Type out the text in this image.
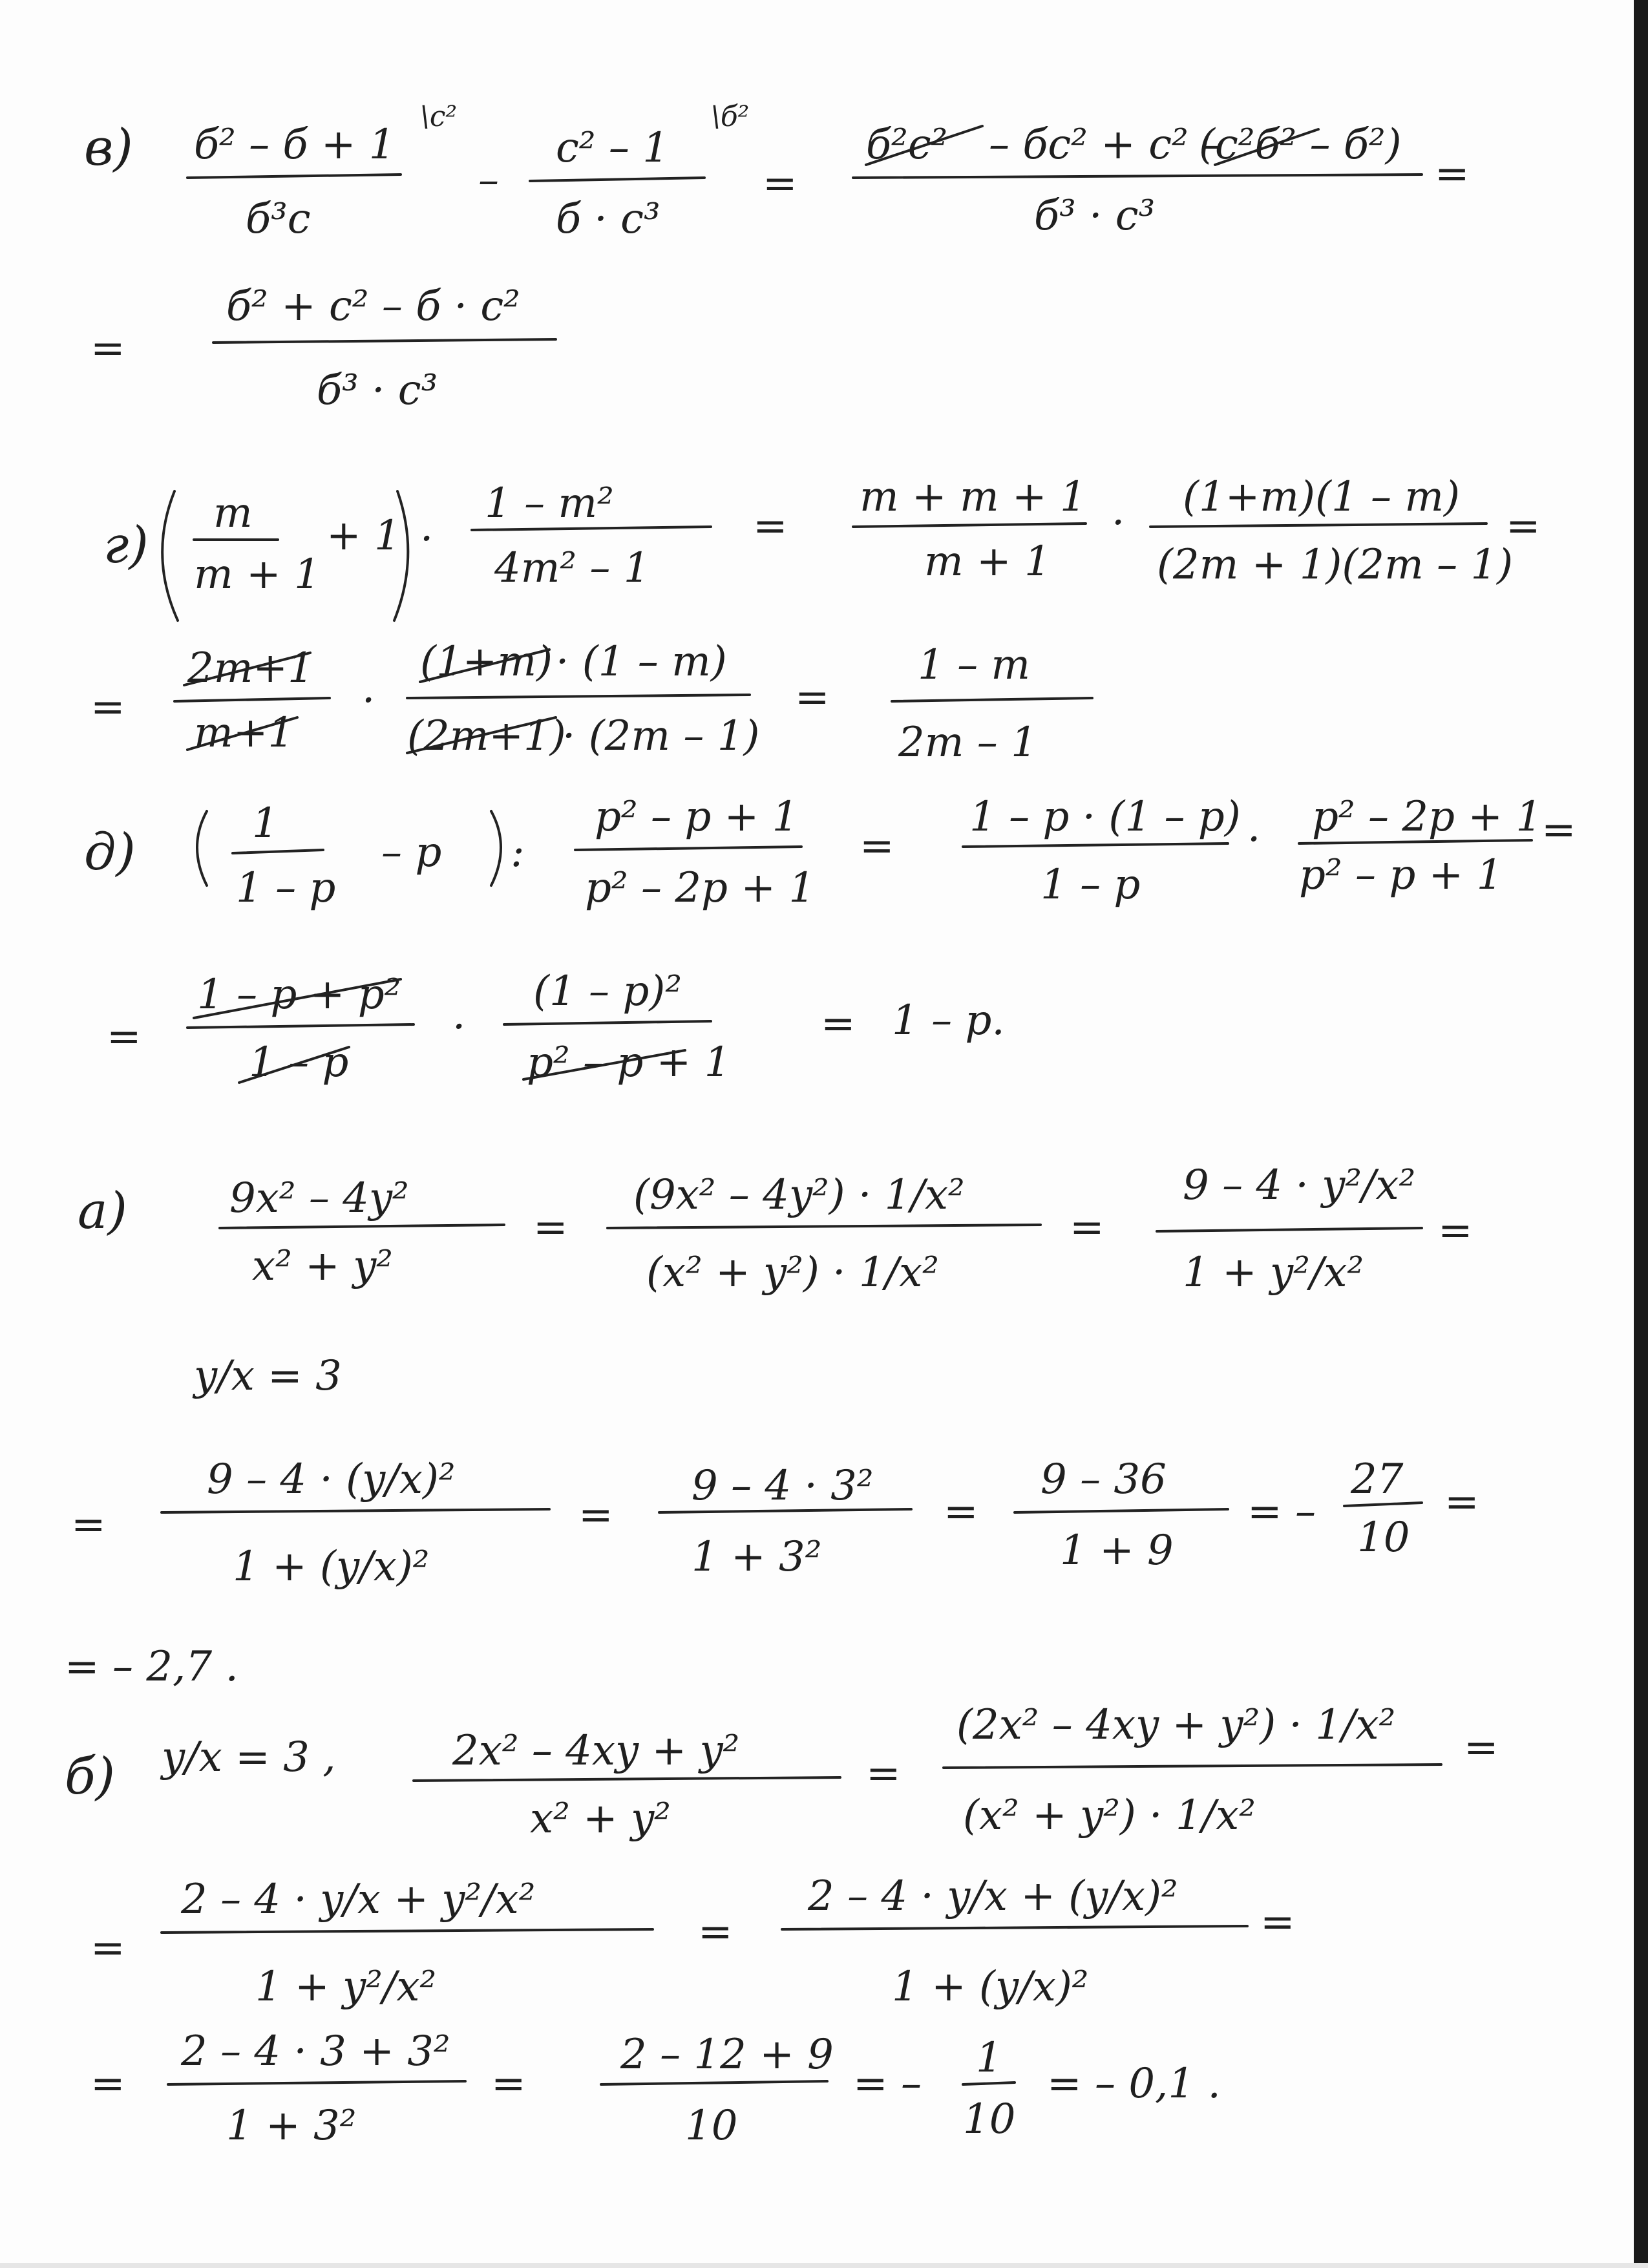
в) б² – б + 1
б³с
\с²
–
с² – 1
б · с³
\б²
=
б²с² – бс² + с² –
(с²б² – б²)
б³ · с³
=
=
б² + с² – б · с²
б³ · с³
г)
m
m + 1
+ 1 ·
1 – m²
4m² – 1
=
m + m + 1
m + 1
·
(1+m)(1 – m)
(2m + 1)(2m – 1)
=
=
2m+1
m+1
·
(1+m) · (1 – m)
(2m+1)
· (2m – 1)
=
1 – m
2m – 1
д)	1
1 – p
– p :
p² – p + 1
p² – 2p + 1
=
1 – p · (1 – p)
1 – p
· p² – 2p + 1
p² – p + 1
=
=
1 – p + p²
1 – p
·
(1 – p)²
p² – p + 1
= 1 – p.
а) 9x² – 4y²
x² + y²
=
(9x² – 4y²) · 1/x²
(x² + y²) · 1/x²
=
9 – 4 · y²/x²
1 + y²/x²
=
y/x = 3
=
9 – 4 · (y/x)²
1 + (y/x)²
=
9 – 4 · 3²
1 + 3²
=
9 – 36
1 + 9
= –
27
10
=
= – 2,7 .
б) y/x = 3 ,	2x² – 4xy + y²
x² + y²
=
(2x² – 4xy + y²) · 1/x²
(x² + y²) · 1/x²
=
=
2 – 4 · y/x + y²/x²
1 + y²/x²
=
2 – 4 · y/x + (y/x)²
1 + (y/x)²
=
=
2 – 4 · 3 + 3²
1 + 3²
=
2 – 12 + 9
10
= –
1
10
= – 0,1 .
